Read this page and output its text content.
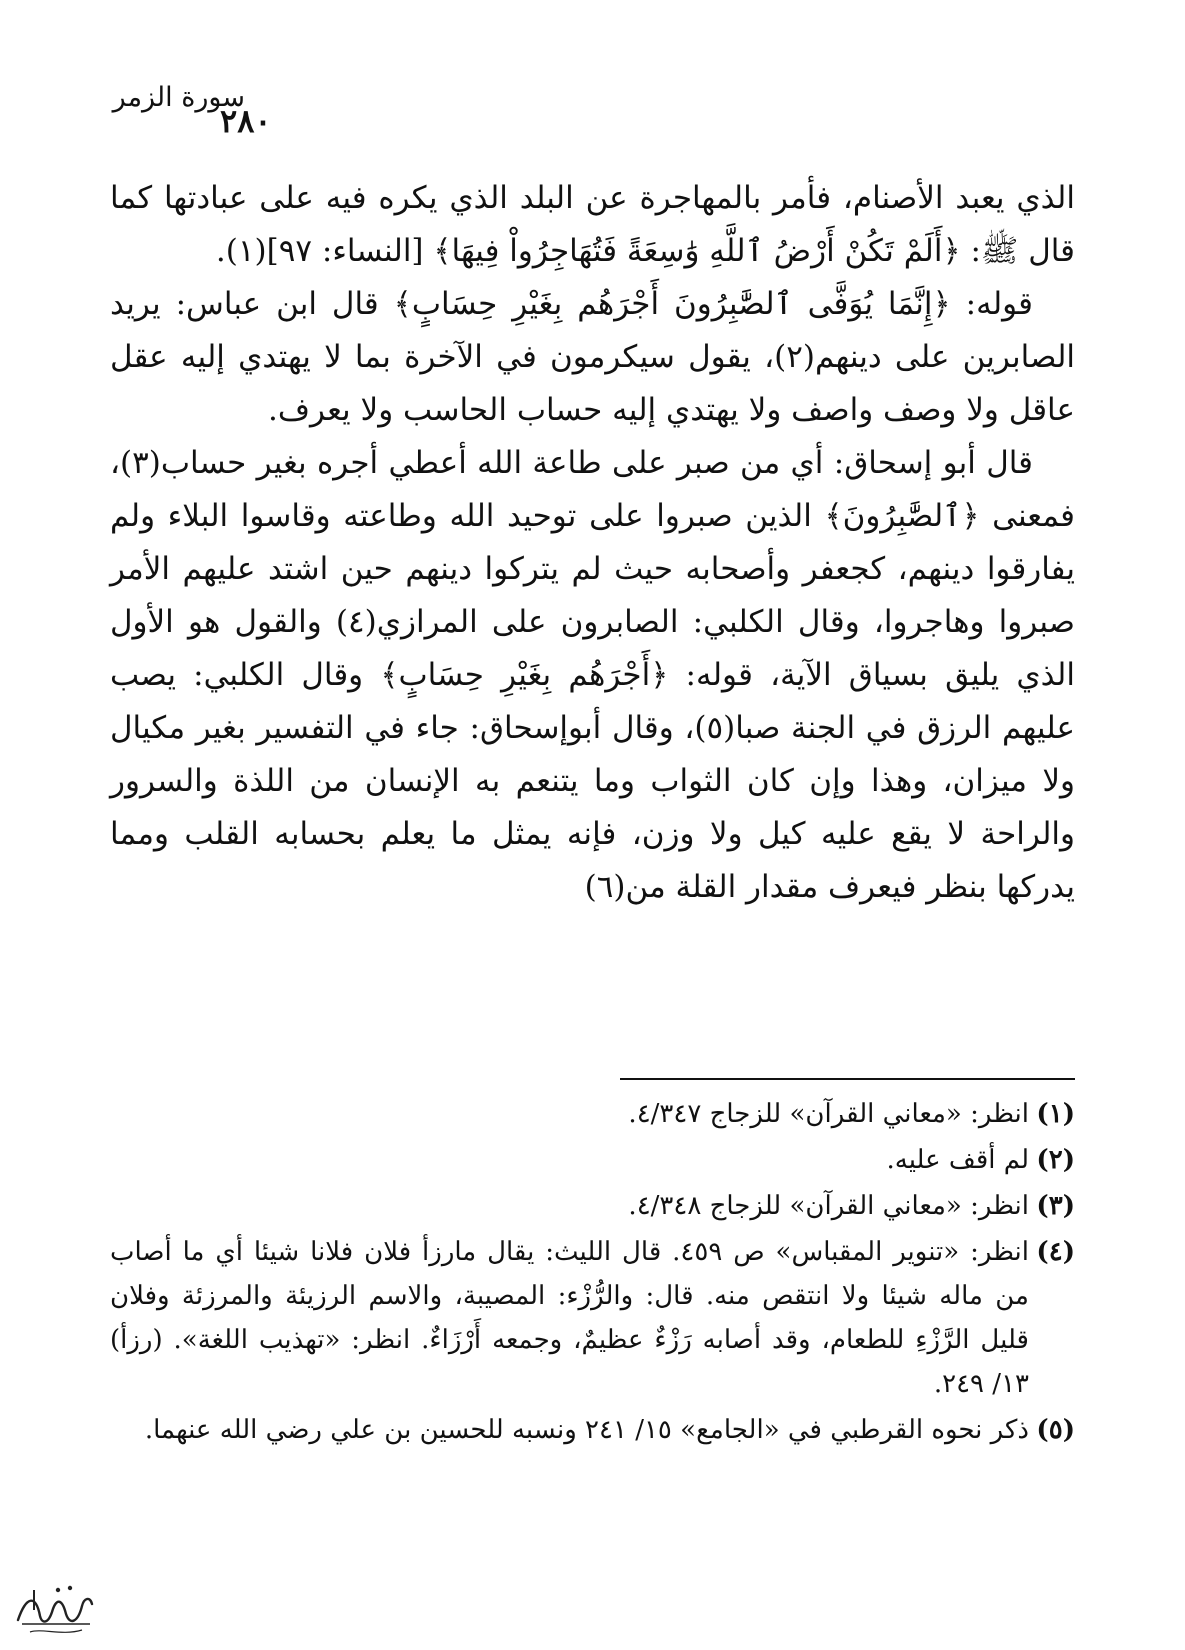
سورة الزمر
٢٨٠

الذي يعبد الأصنام، فأمر بالمهاجرة عن البلد الذي يكره فيه على عبادتها كما قال ﷺ: ﴿أَلَمْ تَكُنْ أَرْضُ ٱللَّهِ وَٰسِعَةً فَتُهَاجِرُواْ فِيهَا﴾ [النساء: ٩٧](١).

قوله: ﴿إِنَّمَا يُوَفَّى ٱلصَّٰبِرُونَ أَجْرَهُم بِغَيْرِ حِسَابٍ﴾ قال ابن عباس: يريد الصابرين على دينهم(٢)، يقول سيكرمون في الآخرة بما لا يهتدي إليه عقل عاقل ولا وصف واصف ولا يهتدي إليه حساب الحاسب ولا يعرف.

قال أبو إسحاق: أي من صبر على طاعة الله أعطي أجره بغير حساب(٣)، فمعنى ﴿ٱلصَّٰبِرُونَ﴾ الذين صبروا على توحيد الله وطاعته وقاسوا البلاء ولم يفارقوا دينهم، كجعفر وأصحابه حيث لم يتركوا دينهم حين اشتد عليهم الأمر صبروا وهاجروا، وقال الكلبي: الصابرون على المرازي(٤) والقول هو الأول الذي يليق بسياق الآية، قوله: ﴿أَجْرَهُم بِغَيْرِ حِسَابٍ﴾ وقال الكلبي: يصب عليهم الرزق في الجنة صبا(٥)، وقال أبوإسحاق: جاء في التفسير بغير مكيال ولا ميزان، وهذا وإن كان الثواب وما يتنعم به الإنسان من اللذة والسرور والراحة لا يقع عليه كيل ولا وزن، فإنه يمثل ما يعلم بحسابه القلب ومما يدركها بنظر فيعرف مقدار القلة من(٦)

(١)
انظر: «معاني القرآن» للزجاج ٤/٣٤٧.
(٢)
لم أقف عليه.
(٣)
انظر: «معاني القرآن» للزجاج ٤/٣٤٨.
(٤)
انظر: «تنوير المقباس» ص ٤٥٩. قال الليث: يقال مارزأ فلان فلانا شيئا أي ما أصاب من ماله شيئا ولا انتقص منه. قال: والرُّزْء: المصيبة، والاسم الرزيئة والمرزئة وفلان قليل الرَّزْءِ للطعام، وقد أصابه رَزْءٌ عظيمٌ، وجمعه أَرْزَاءٌ. انظر: «تهذيب اللغة». (رزأ) ١٣/ ٢٤٩.
(٥)
ذكر نحوه القرطبي في «الجامع» ١٥/ ٢٤١ ونسبه للحسين بن علي رضي الله عنهما.
